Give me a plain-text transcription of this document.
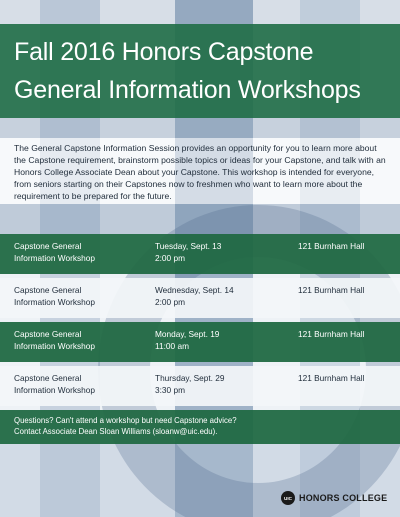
Fall 2016 Honors Capstone
General Information Workshops

The General Capstone Information Session provides an opportunity for you to learn more about the Capstone requirement, brainstorm possible topics or ideas for your Capstone, and talk with an Honors College Associate Dean about your Capstone. This workshop is intended for everyone, from seniors starting on their Capstones now to freshmen who want to learn more about the requirement to be prepared for the future.

Capstone General
Information Workshop
Tuesday, Sept. 13
2:00 pm
121 Burnham Hall
Capstone General
Information Workshop
Wednesday, Sept. 14
2:00 pm
121 Burnham Hall
Capstone General
Information Workshop
Monday, Sept. 19
11:00 am
121 Burnham Hall
Capstone General
Information Workshop
Thursday, Sept. 29
3:30 pm
121 Burnham Hall

Questions? Can't attend a workshop but need Capstone advice?
Contact Associate Dean Sloan Williams (sloanw@uic.edu).

UIC HONORS COLLEGE
